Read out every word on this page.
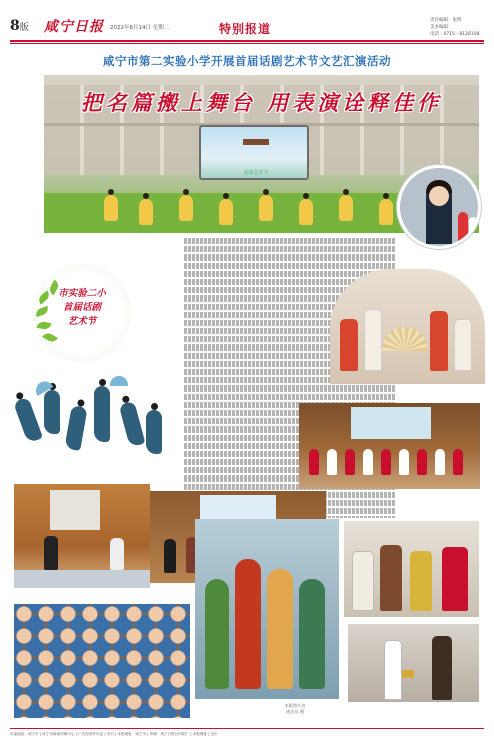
8版 咸宁日报 2022年8月14日 星期二	特别报道
责任编辑：张辉
美术编辑：
电话：0715 - 8128108
咸宁市第二实验小学开展首届话剧艺术节文艺汇演活动
话剧艺术节
把名篇搬上舞台 用表演诠释佳作
市实验二小
首届话剧
艺术节
本版图片由
通讯员 摄
市委地址：咸宁市 | 咸宁市新闻传媒中心 | 广告经营许可证 | 发行 | 本报地址：咸宁市 | 印刷：咸宁日报社印刷厂 | 本报网址 | 定价
